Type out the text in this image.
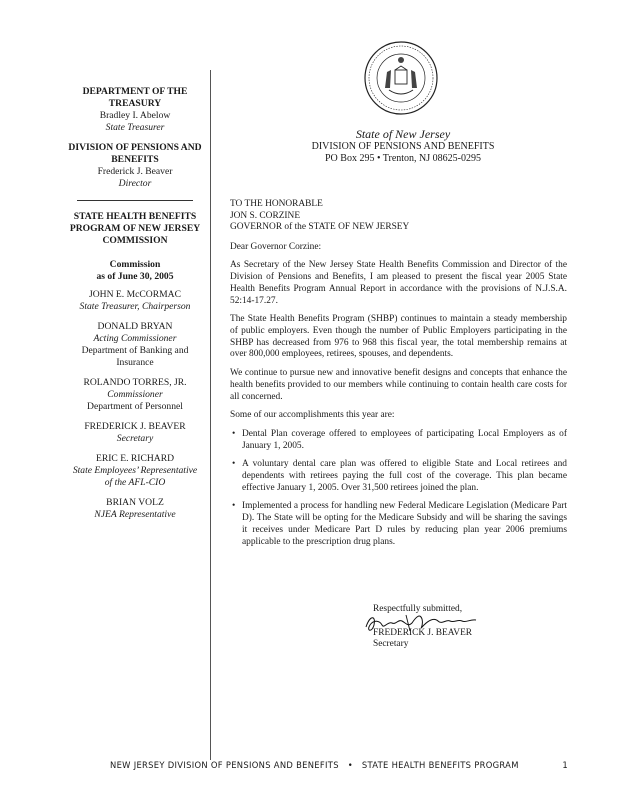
DEPARTMENT OF THE TREASURY
Bradley I. Abelow
State Treasurer
DIVISION OF PENSIONS AND BENEFITS
Frederick J. Beaver
Director
STATE HEALTH BENEFITS PROGRAM OF NEW JERSEY COMMISSION
Commission
as of June 30, 2005
JOHN E. McCORMAC
State Treasurer, Chairperson
DONALD BRYAN
Acting Commissioner
Department of Banking and Insurance
ROLANDO TORRES, JR.
Commissioner
Department of Personnel
FREDERICK J. BEAVER
Secretary
ERIC E. RICHARD
State Employees’ Representative of the AFL-CIO
BRIAN VOLZ
NJEA Representative
State of New Jersey
DIVISION OF PENSIONS AND BENEFITS
PO Box 295 • Trenton, NJ 08625-0295
TO THE HONORABLE
JON S. CORZINE
GOVERNOR of the STATE OF NEW JERSEY

Dear Governor Corzine:

As Secretary of the New Jersey State Health Benefits Commission and Director of the Division of Pensions and Benefits, I am pleased to present the fiscal year 2005 State Health Benefits Program Annual Report in accordance with the provisions of N.J.S.A. 52:14-17.27.

The State Health Benefits Program (SHBP) continues to maintain a steady membership of public employers. Even though the number of Public Employers participating in the SHBP has decreased from 976 to 968 this fiscal year, the total membership remains at over 800,000 employees, retirees, spouses, and dependents.

We continue to pursue new and innovative benefit designs and concepts that enhance the health benefits provided to our members while continuing to contain health care costs for all concerned.

Some of our accomplishments this year are:

• Dental Plan coverage offered to employees of participating Local Employers as of January 1, 2005.
• A voluntary dental care plan was offered to eligible State and Local retirees and dependents with retirees paying the full cost of the coverage. This plan became effective January 1, 2005. Over 31,500 retirees joined the plan.
• Implemented a process for handling new Federal Medicare Legislation (Medicare Part D). The State will be opting for the Medicare Subsidy and will be sharing the savings it receives under Medicare Part D rules by reducing plan year 2006 premiums applicable to the prescription drug plans.
Respectfully submitted,
FREDERICK J. BEAVER
Secretary
NEW JERSEY DIVISION OF PENSIONS AND BENEFITS • STATE HEALTH BENEFITS PROGRAM	1
